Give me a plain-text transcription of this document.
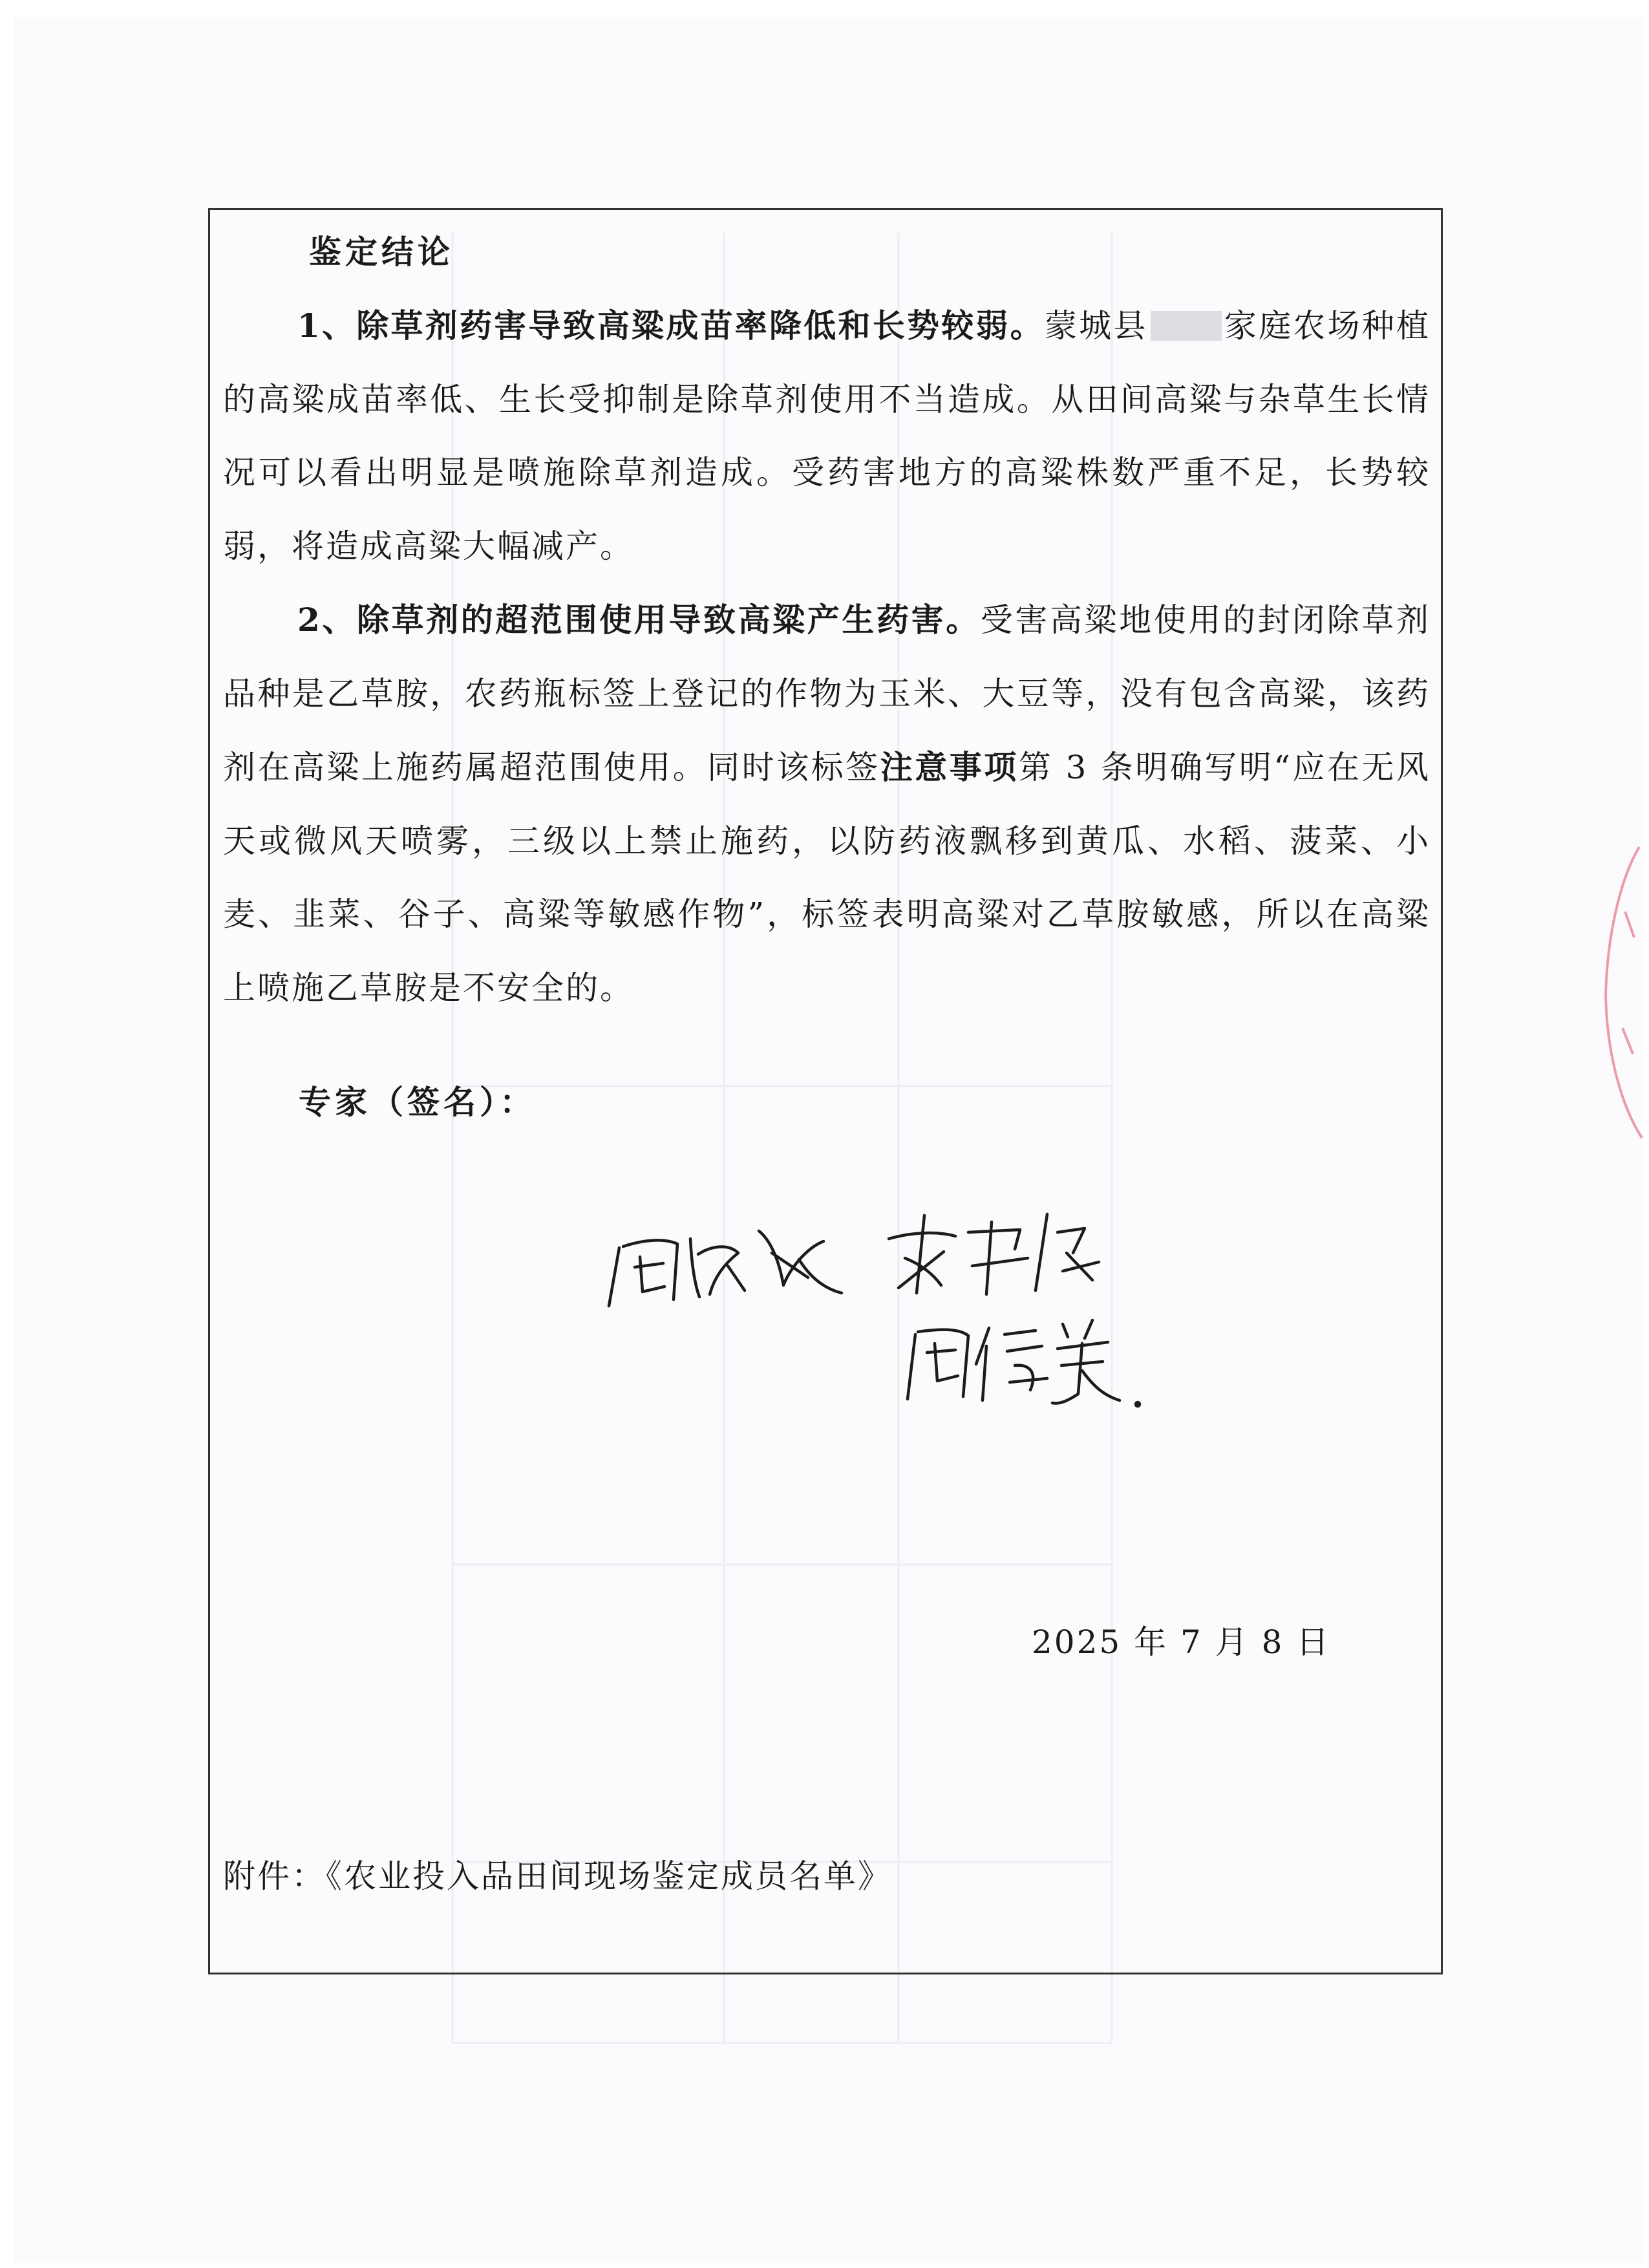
鉴定结论

1、除草剂药害导致高粱成苗率降低和长势较弱。蒙城县 家庭农场种植的高粱成苗率低、生长受抑制是除草剂使用不当造成。从田间高粱与杂草生长情况可以看出明显是喷施除草剂造成。受药害地方的高粱株数严重不足，长势较弱，将造成高粱大幅减产。

2、除草剂的超范围使用导致高粱产生药害。受害高粱地使用的封闭除草剂品种是乙草胺，农药瓶标签上登记的作物为玉米、大豆等，没有包含高粱，该药剂在高粱上施药属超范围使用。同时该标签注意事项第 3 条明确写明“应在无风天或微风天喷雾，三级以上禁止施药，以防药液飘移到黄瓜、水稻、菠菜、小麦、韭菜、谷子、高粱等敏感作物”，标签表明高粱对乙草胺敏感，所以在高粱上喷施乙草胺是不安全的。

专家（签名）：
2025 年 7 月 8 日
附件：《农业投入品田间现场鉴定成员名单》
